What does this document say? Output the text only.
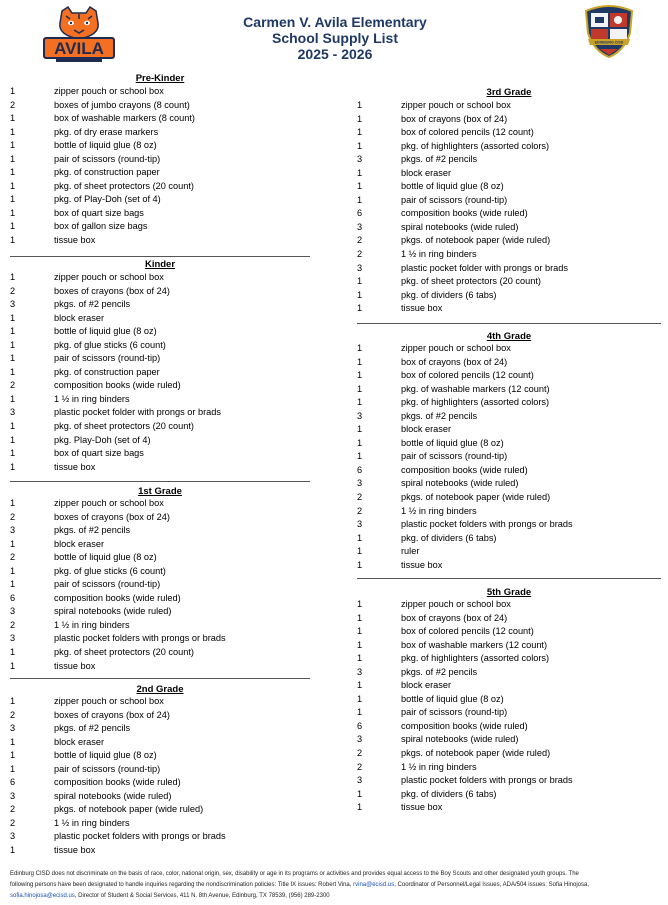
AVILA
Carmen V. Avila Elementary
School Supply List
2025 - 2026
EDINBURG CISD
Pre-Kinder
1	zipper pouch or school box
2	boxes of jumbo crayons (8 count)
1	box of washable markers (8 count)
1	pkg. of dry erase markers
1	bottle of liquid glue (8 oz)
1	pair of scissors (round-tip)
1	pkg. of construction paper
1	pkg. of sheet protectors (20 count)
1	pkg. of Play-Doh (set of 4)
1	box of quart size bags
1	box of gallon size bags
1	tissue box
Kinder
1	zipper pouch or school box
2	boxes of crayons (box of 24)
3	pkgs. of #2 pencils
1	block eraser
1	bottle of liquid glue (8 oz)
1	pkg. of glue sticks (6 count)
1	pair of scissors (round-tip)
1	pkg. of construction paper
2	composition books (wide ruled)
1	1 ½ in ring binders
3	plastic pocket folder with prongs or brads
1	pkg. of sheet protectors (20 count)
1	pkg. Play-Doh (set of 4)
1	box of quart size bags
1	tissue box
1st Grade
1	zipper pouch or school box
2	boxes of crayons (box of 24)
3	pkgs. of #2 pencils
1	block eraser
2	bottle of liquid glue (8 oz)
1	pkg. of glue sticks (6 count)
1	pair of scissors (round-tip)
6	composition books (wide ruled)
3	spiral notebooks (wide ruled)
2	1 ½ in ring binders
3	plastic pocket folders with prongs or brads
1	pkg. of sheet protectors (20 count)
1	tissue box
2nd Grade
1	zipper pouch or school box
2	boxes of crayons (box of 24)
3	pkgs. of #2 pencils
1	block eraser
1	bottle of liquid glue (8 oz)
1	pair of scissors (round-tip)
6	composition books (wide ruled)
3	spiral notebooks (wide ruled)
2	pkgs. of notebook paper (wide ruled)
2	1 ½ in ring binders
3	plastic pocket folders with prongs or brads
1	tissue box
3rd Grade
1	zipper pouch or school box
1	box of crayons (box of 24)
1	box of colored pencils (12 count)
1	pkg. of highlighters (assorted colors)
3	pkgs. of #2 pencils
1	block eraser
1	bottle of liquid glue (8 oz)
1	pair of scissors (round-tip)
6	composition books (wide ruled)
3	spiral notebooks (wide ruled)
2	pkgs. of notebook paper (wide ruled)
2	1 ½ in ring binders
3	plastic pocket folder with prongs or brads
1	pkg. of sheet protectors (20 count)
1	pkg. of dividers (6 tabs)
1	tissue box
4th Grade
1	zipper pouch or school box
1	box of crayons (box of 24)
1	box of colored pencils (12 count)
1	pkg. of washable markers (12 count)
1	pkg. of highlighters (assorted colors)
3	pkgs. of #2 pencils
1	block eraser
1	bottle of liquid glue (8 oz)
1	pair of scissors (round-tip)
6	composition books (wide ruled)
3	spiral notebooks (wide ruled)
2	pkgs. of notebook paper (wide ruled)
2	1 ½ in ring binders
3	plastic pocket folders with prongs or brads
1	pkg. of dividers (6 tabs)
1	ruler
1	tissue box
5th Grade
1	zipper pouch or school box
1	box of crayons (box of 24)
1	box of colored pencils (12 count)
1	box of washable markers (12 count)
1	pkg. of highlighters (assorted colors)
3	pkgs. of #2 pencils
1	block eraser
1	bottle of liquid glue (8 oz)
1	pair of scissors (round-tip)
6	composition books (wide ruled)
3	spiral notebooks (wide ruled)
2	pkgs. of notebook paper (wide ruled)
2	1 ½ in ring binders
3	plastic pocket folders with prongs or brads
1	pkg. of dividers (6 tabs)
1	tissue box
Edinburg CISD does not discriminate on the basis of race, color, national origin, sex, disability or age in its programs or activities and provides equal access to the Boy Scouts and other designated youth groups. The
following persons have been designated to handle inquiries regarding the nondiscrimination policies: Title IX issues: Robert Vina, rvina@ecisd.us, Coordinator of Personnel/Legal Issues, ADA/504 issues: Sofia Hinojosa,
sofia.hinojosa@ecisd.us, Director of Student & Social Services, 411 N. 8th Avenue, Edinburg, TX 78539, (956) 289-2300
